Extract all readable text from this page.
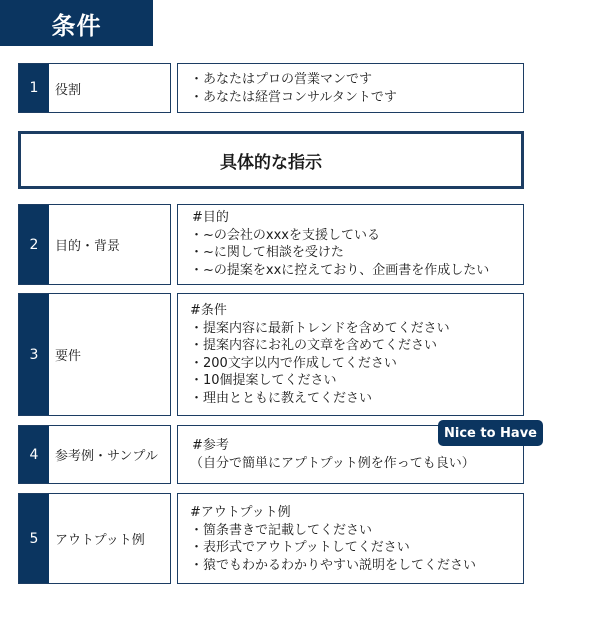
条件
1	役割
・あなたはプロの営業マンです
・あなたは経営コンサルタントです
具体的な指示
2	目的・背景
#目的
・~の会社のxxxを支援している
・~に関して相談を受けた
・~の提案をxxに控えており、企画書を作成したい
3	要件
#条件
・提案内容に最新トレンドを含めてください
・提案内容にお礼の文章を含めてください
・200文字以内で作成してください
・10個提案してください
・理由とともに教えてください
4	参考例・サンプル
#参考
（自分で簡単にアプトプット例を作っても良い）
Nice to Have
5	アウトプット例
#アウトプット例
・箇条書きで記載してください
・表形式でアウトプットしてください
・猿でもわかるわかりやすい説明をしてください
